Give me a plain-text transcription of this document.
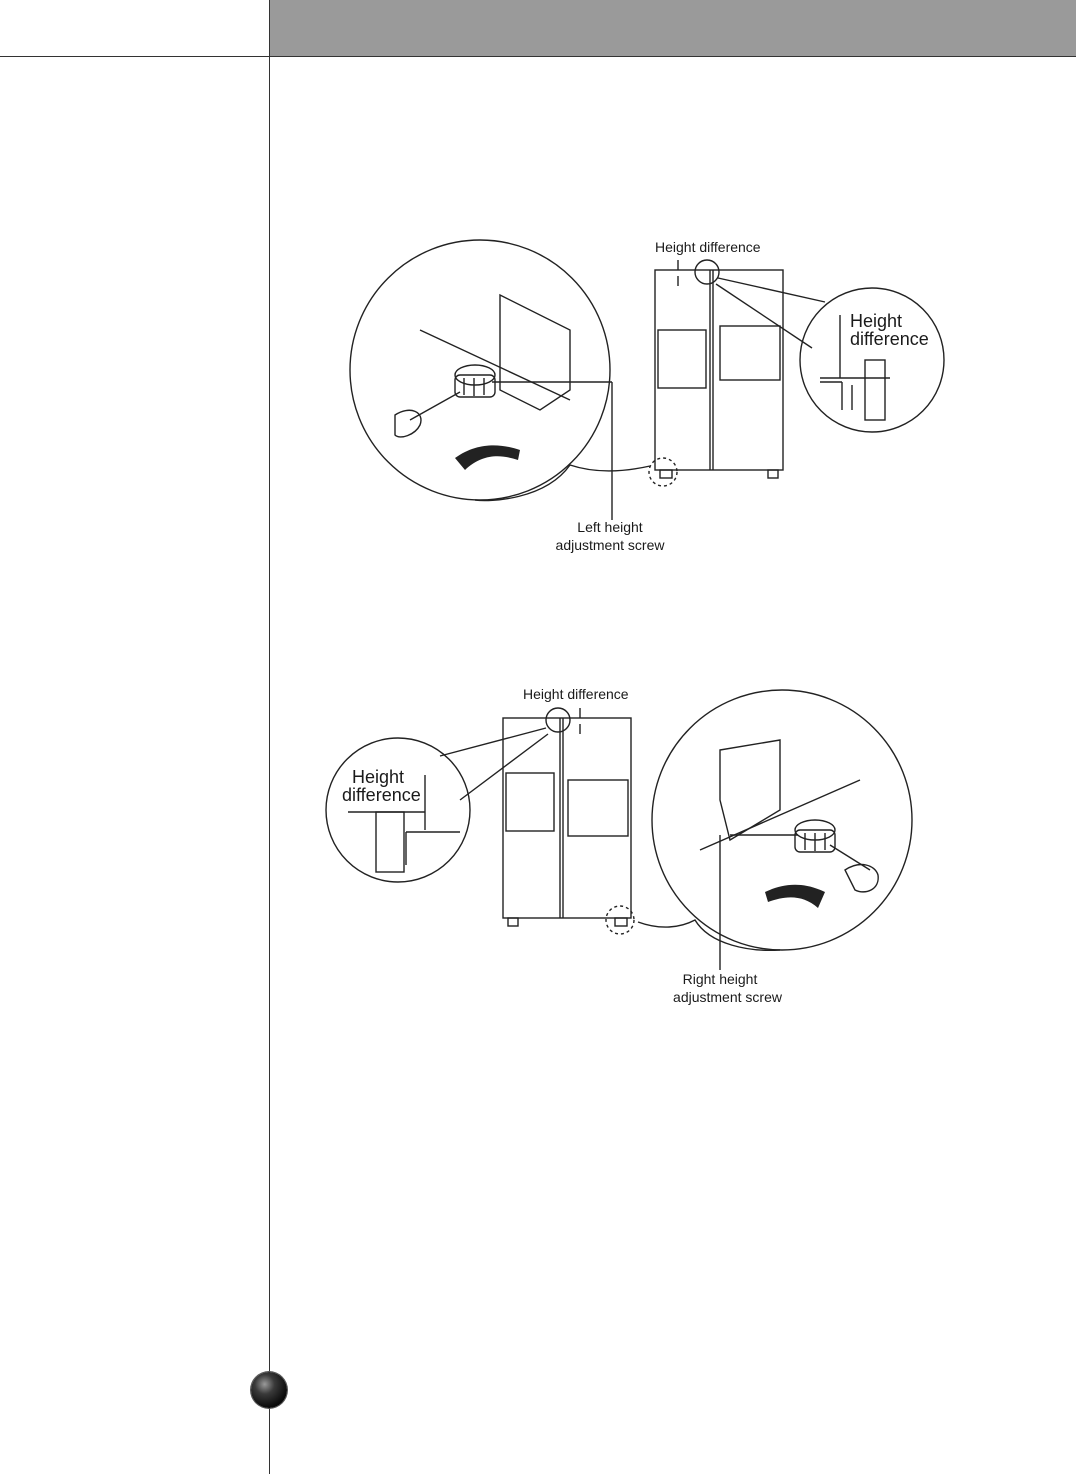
Height difference
Height
difference
Left height
adjustment screw
Height difference
Height
difference
Right height
adjustment screw
